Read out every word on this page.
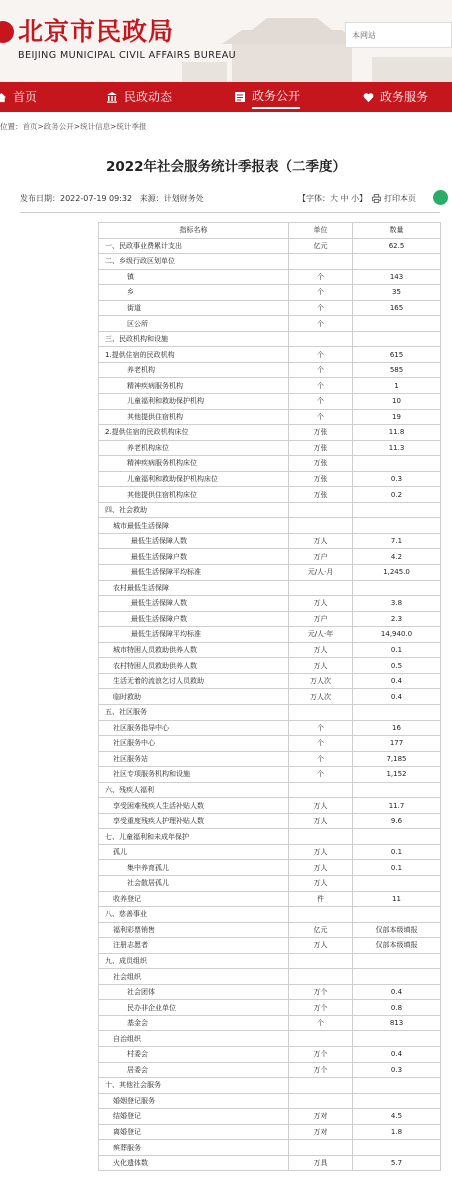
北京市民政局
BEIJING MUNICIPAL CIVIL AFFAIRS BUREAU
本网站
首页	民政动态	政务公开	政务服务
位置：首页>政务公开>统计信息>统计季报
2022年社会服务统计季报表（二季度）
发布日期：2022-07-19 09:32 来源：计划财务处	【字体：大 中 小】 打印本页
指标名称	单位	数量
一、民政事业费累计支出	亿元	62.5
二、乡级行政区划单位		
镇	个	143
乡	个	35
街道	个	165
区公所	个	
三、民政机构和设施		
1.提供住宿的民政机构	个	615
养老机构	个	585
精神疾病服务机构	个	1
儿童福利和救助保护机构	个	10
其他提供住宿机构	个	19
2.提供住宿的民政机构床位	万张	11.8
养老机构床位	万张	11.3
精神疾病服务机构床位	万张	
儿童福利和救助保护机构床位	万张	0.3
其他提供住宿机构床位	万张	0.2
四、社会救助		
城市最低生活保障		
最低生活保障人数	万人	7.1
最低生活保障户数	万户	4.2
最低生活保障平均标准	元/人·月	1,245.0
农村最低生活保障		
最低生活保障人数	万人	3.8
最低生活保障户数	万户	2.3
最低生活保障平均标准	元/人·年	14,940.0
城市特困人员救助供养人数	万人	0.1
农村特困人员救助供养人数	万人	0.5
生活无着的流浪乞讨人员救助	万人次	0.4
临时救助	万人次	0.4
五、社区服务		
社区服务指导中心	个	16
社区服务中心	个	177
社区服务站	个	7,185
社区专项服务机构和设施	个	1,152
六、残疾人福利		
享受困难残疾人生活补贴人数	万人	11.7
享受重度残疾人护理补贴人数	万人	9.6
七、儿童福利和未成年保护		
孤儿	万人	0.1
集中养育孤儿	万人	0.1
社会散居孤儿	万人	
收养登记	件	11
八、慈善事业		
福利彩票销售	亿元	仅部本级填报
注册志愿者	万人	仅部本级填报
九、成员组织		
社会组织		
社会团体	万个	0.4
民办非企业单位	万个	0.8
基金会	个	813
自治组织		
村委会	万个	0.4
居委会	万个	0.3
十、其他社会服务		
婚姻登记服务		
结婚登记	万对	4.5
离婚登记	万对	1.8
殡葬服务		
火化遗体数	万具	5.7
